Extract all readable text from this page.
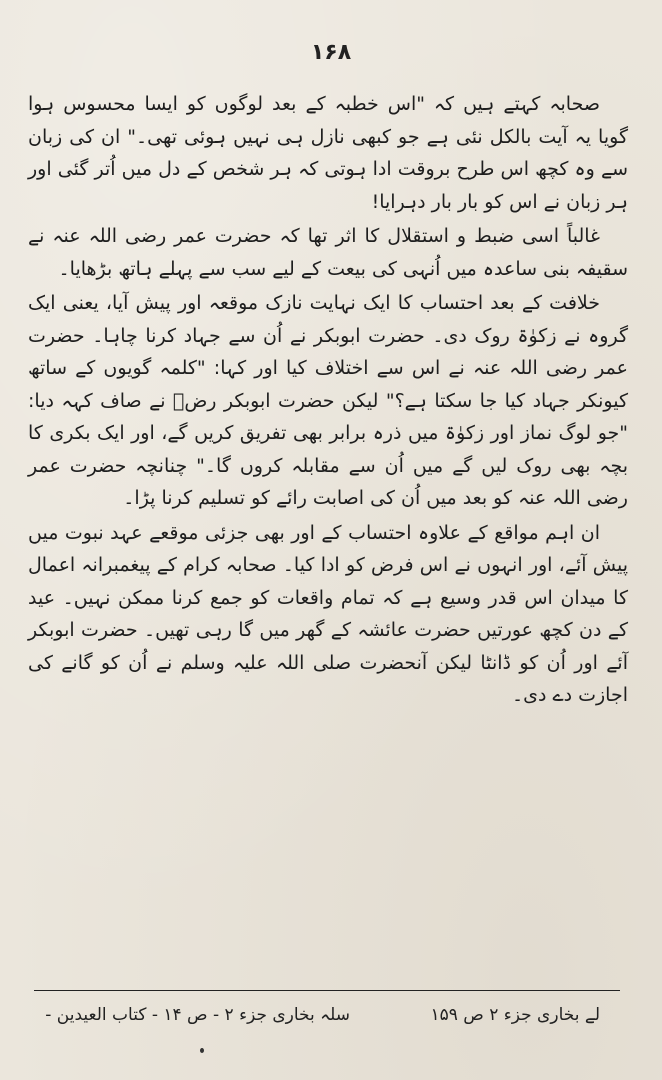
۱۶۸

صحابہ کہتے ہیں کہ "اس خطبہ کے بعد لوگوں کو ایسا محسوس ہوا گویا یہ آیت بالکل نئی ہے جو کبھی نازل ہی نہیں ہوئی تھی۔" ان کی زبان سے وہ کچھ اس طرح بروقت ادا ہوتی کہ ہر شخص کے دل میں اُتر گئی اور ہر زبان نے اس کو بار بار دہرایا!

غالباً اسی ضبط و استقلال کا اثر تھا کہ حضرت عمر رضی اللہ عنہ نے سقیفہ بنی ساعدہ میں اُنہی کی بیعت کے لیے سب سے پہلے ہاتھ بڑھایا۔

خلافت کے بعد احتساب کا ایک نہایت نازک موقعہ اور پیش آیا، یعنی ایک گروہ نے زکوٰۃ روک دی۔ حضرت ابوبکر نے اُن سے جہاد کرنا چاہا۔ حضرت عمر رضی اللہ عنہ نے اس سے اختلاف کیا اور کہا: "کلمہ گویوں کے ساتھ کیونکر جہاد کیا جا سکتا ہے؟" لیکن حضرت ابوبکر رضؓ نے صاف کہہ دیا: "جو لوگ نماز اور زکوٰۃ میں ذرہ برابر بھی تفریق کریں گے، اور ایک بکری کا بچہ بھی روک لیں گے میں اُن سے مقابلہ کروں گا۔" چنانچہ حضرت عمر رضی اللہ عنہ کو بعد میں اُن کی اصابت رائے کو تسلیم کرنا پڑا۔

ان اہم مواقع کے علاوہ احتساب کے اور بھی جزئی موقعے عہد نبوت میں پیش آئے، اور انہوں نے اس فرض کو ادا کیا۔ صحابہ کرام کے پیغمبرانہ اعمال کا میدان اس قدر وسیع ہے کہ تمام واقعات کو جمع کرنا ممکن نہیں۔ عید کے دن کچھ عورتیں حضرت عائشہ کے گھر میں گا رہی تھیں۔ حضرت ابوبکر آئے اور اُن کو ڈانٹا لیکن آنحضرت صلی اللہ علیہ وسلم نے اُن کو گانے کی اجازت دے دی۔

لے بخاری جزء ۲ ص ۱۵۹
سلہ بخاری جزء ۲ - ص ۱۴ - کتاب العیدین -
